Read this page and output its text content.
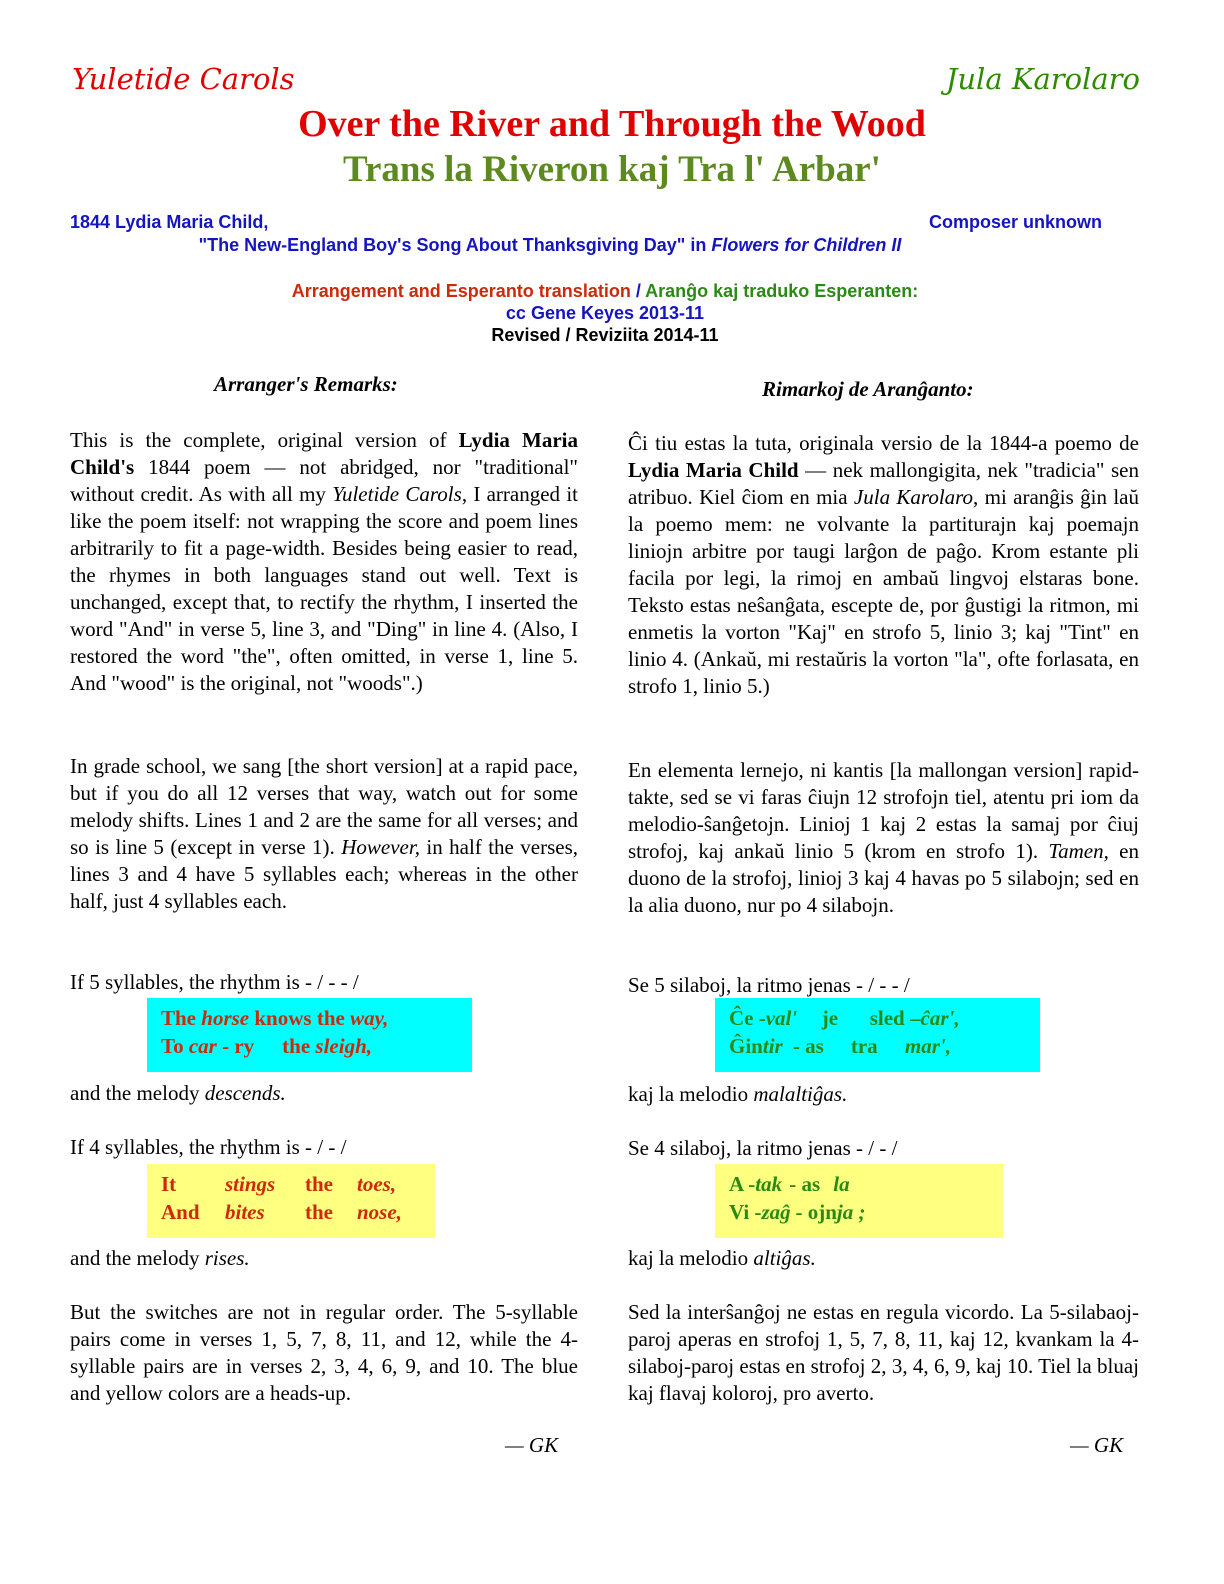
Yuletide Carols	Jula Karolaro
Over the River and Through the Wood
Trans la Riveron kaj Tra l' Arbar'
1844 Lydia Maria Child,	Composer unknown
"The New-England Boy's Song About Thanksgiving Day" in Flowers for Children II
Arrangement and Esperanto translation / Aranĝo kaj traduko Esperanten:
cc Gene Keyes 2013-11
Revised / Reviziita 2014-11
Arranger's Remarks:
This is the complete, original version of Lydia Maria Child's 1844 poem — not abridged, nor "traditional" without credit. As with all my Yuletide Carols, I arranged it like the poem itself: not wrapping the score and poem lines arbitrarily to fit a page-width. Besides being easier to read, the rhymes in both languages stand out well. Text is unchanged, except that, to rectify the rhythm, I inserted the word "And" in verse 5, line 3, and "Ding" in line 4. (Also, I restored the word "the", often omitted, in verse 1, line 5. And "wood" is the original, not "woods".)
In grade school, we sang [the short version] at a rapid pace, but if you do all 12 verses that way, watch out for some melody shifts. Lines 1 and 2 are the same for all verses; and so is line 5 (except in verse 1). However, in half the verses, lines 3 and 4 have 5 syllables each; whereas in the other half, just 4 syllables each.
If 5 syllables, the rhythm is - / - - /
The horse knows the way,
To car - ry the sleigh,
and the melody descends.
If 4 syllables, the rhythm is - / - /
It stings the toes,
And bites the nose,
and the melody rises.
But the switches are not in regular order. The 5-syllable pairs come in verses 1, 5, 7, 8, 11, and 12, while the 4-syllable pairs are in verses 2, 3, 4, 6, 9, and 10. The blue and yellow colors are a heads-up.
— GK
Rimarkoj de Aranĝanto:
Ĉi tiu estas la tuta, originala versio de la 1844-a poemo de Lydia Maria Child — nek mallongigita, nek "tradicia" sen atribuo. Kiel ĉiom en mia Jula Karolaro, mi aranĝis ĝin laŭ la poemo mem: ne volvante la partiturajn kaj poemajn liniojn arbitre por taugi larĝon de paĝo. Krom estante pli facila por legi, la rimoj en ambaŭ lingvoj elstaras bone. Teksto estas neŝanĝata, escepte de, por ĝustigi la ritmon, mi enmetis la vorton "Kaj" en strofo 5, linio 3; kaj "Tint" en linio 4. (Ankaŭ, mi restaŭris la vorton "la", ofte forlasata, en strofo 1, linio 5.)
En elementa lernejo, ni kantis [la mallongan version] rapid-takte, sed se vi faras ĉiujn 12 strofojn tiel, atentu pri iom da melodio-ŝanĝetojn. Linioj 1 kaj 2 estas la samaj por ĉiuj strofoj, kaj ankaŭ linio 5 (krom en strofo 1). Tamen, en duono de la strofoj, linioj 3 kaj 4 havas po 5 silabojn; sed en la alia duono, nur po 4 silabojn.
Se 5 silaboj, la ritmo jenas - / - - /
Ĉe -val' je sled –ĉar',
Ĝintir- as tra mar',
kaj la melodio malaltiĝas.
Se 4 silaboj, la ritmo jenas - / - /
A -tak- as la
Vi -zaĝ- ojnja ;
kaj la melodio altiĝas.
Sed la interŝanĝoj ne estas en regula vicordo. La 5-silabaoj-paroj aperas en strofoj 1, 5, 7, 8, 11, kaj 12, kvankam la 4-silaboj-paroj estas en strofoj 2, 3, 4, 6, 9, kaj 10. Tiel la bluaj kaj flavaj koloroj, pro averto.
— GK
